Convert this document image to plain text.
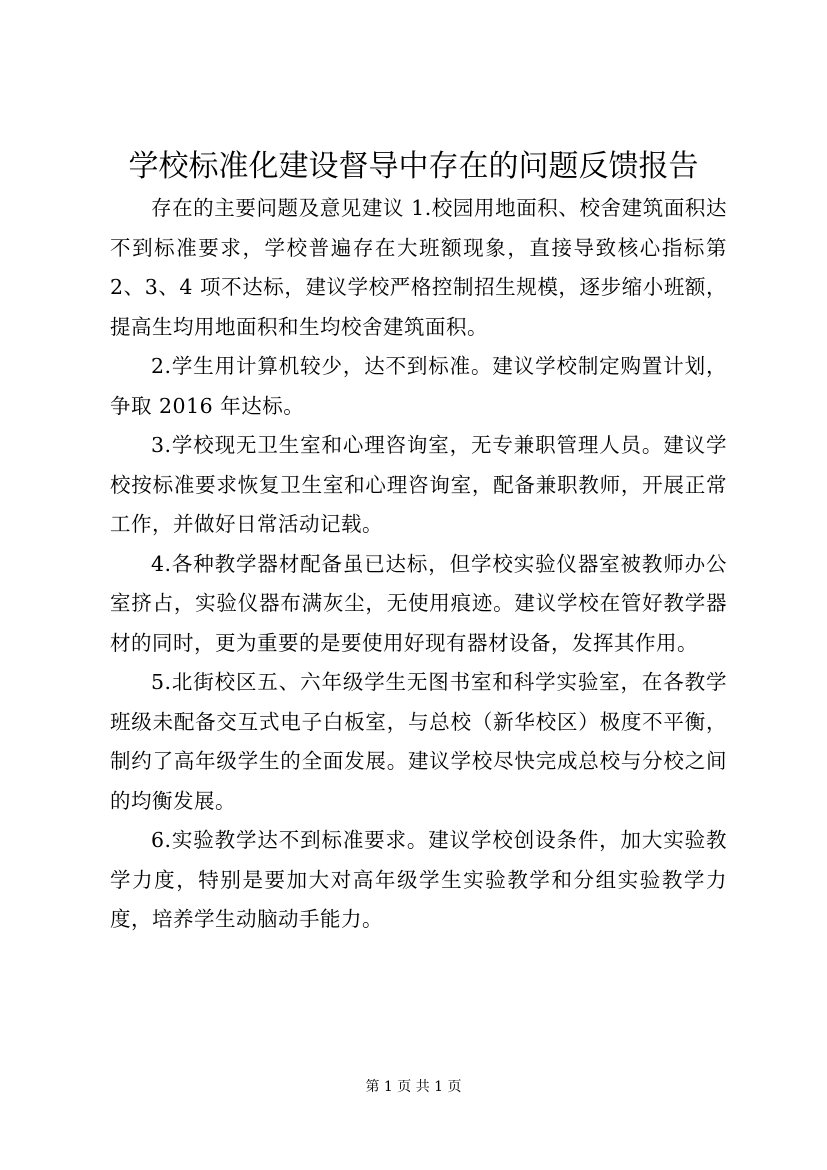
学校标准化建设督导中存在的问题反馈报告

存在的主要问题及意见建议 1.校园用地面积、校舍建筑面积达不到标准要求，学校普遍存在大班额现象，直接导致核心指标第 2、3、4 项不达标，建议学校严格控制招生规模，逐步缩小班额，提高生均用地面积和生均校舍建筑面积。

2.学生用计算机较少，达不到标准。建议学校制定购置计划，争取 2016 年达标。

3.学校现无卫生室和心理咨询室，无专兼职管理人员。建议学校按标准要求恢复卫生室和心理咨询室，配备兼职教师，开展正常工作，并做好日常活动记载。

4.各种教学器材配备虽已达标，但学校实验仪器室被教师办公室挤占，实验仪器布满灰尘，无使用痕迹。建议学校在管好教学器材的同时，更为重要的是要使用好现有器材设备，发挥其作用。

5.北街校区五、六年级学生无图书室和科学实验室，在各教学班级未配备交互式电子白板室，与总校（新华校区）极度不平衡，制约了高年级学生的全面发展。建议学校尽快完成总校与分校之间的均衡发展。

6.实验教学达不到标准要求。建议学校创设条件，加大实验教学力度，特别是要加大对高年级学生实验教学和分组实验教学力度，培养学生动脑动手能力。

第 1 页 共 1 页
